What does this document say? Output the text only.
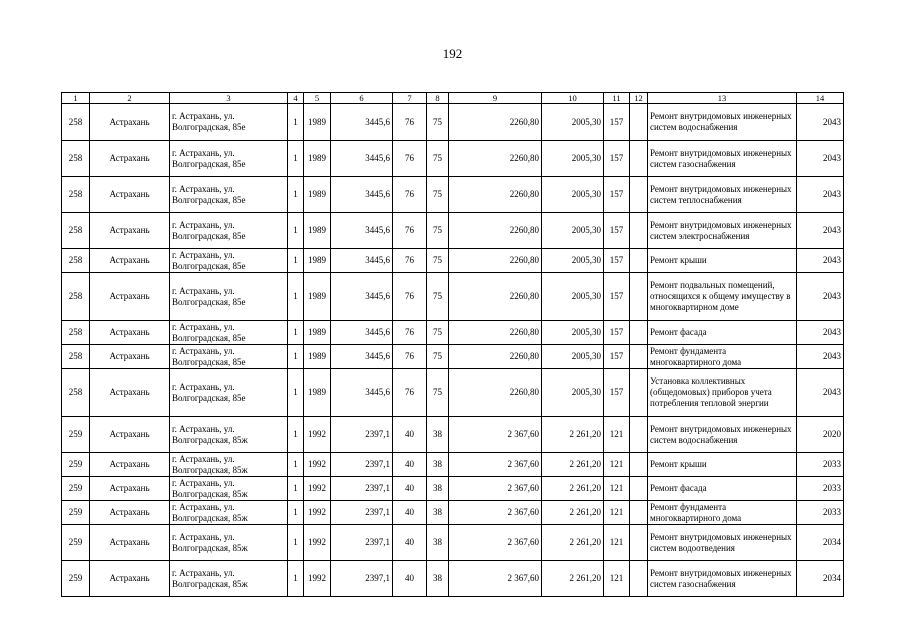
192
1	2	3	4	5	6	7	8	9	10	11	12	13	14
258	Астрахань	г. Астрахань, ул. Волгоградская, 85е	1	1989	3445,6	76	75	2260,80	2005,30	157		Ремонт внутридомовых инженерных систем водоснабжения	2043
258	Астрахань	г. Астрахань, ул. Волгоградская, 85е	1	1989	3445,6	76	75	2260,80	2005,30	157		Ремонт внутридомовых инженерных систем газоснабжения	2043
258	Астрахань	г. Астрахань, ул. Волгоградская, 85е	1	1989	3445,6	76	75	2260,80	2005,30	157		Ремонт внутридомовых инженерных систем теплоснабжения	2043
258	Астрахань	г. Астрахань, ул. Волгоградская, 85е	1	1989	3445,6	76	75	2260,80	2005,30	157		Ремонт внутридомовых инженерных систем электроснабжения	2043
258	Астрахань	г. Астрахань, ул. Волгоградская, 85е	1	1989	3445,6	76	75	2260,80	2005,30	157		Ремонт крыши	2043
258	Астрахань	г. Астрахань, ул. Волгоградская, 85е	1	1989	3445,6	76	75	2260,80	2005,30	157		Ремонт подвальных помещений, относящихся к общему имуществу в многоквартирном доме	2043
258	Астрахань	г. Астрахань, ул. Волгоградская, 85е	1	1989	3445,6	76	75	2260,80	2005,30	157		Ремонт фасада	2043
258	Астрахань	г. Астрахань, ул. Волгоградская, 85е	1	1989	3445,6	76	75	2260,80	2005,30	157		Ремонт фундамента многоквартирного дома	2043
258	Астрахань	г. Астрахань, ул. Волгоградская, 85е	1	1989	3445,6	76	75	2260,80	2005,30	157		Установка коллективных (общедомовых) приборов учета потребления тепловой энергии	2043
259	Астрахань	г. Астрахань, ул. Волгоградская, 85ж	1	1992	2397,1	40	38	2 367,60	2 261,20	121		Ремонт внутридомовых инженерных систем водоснабжения	2020
259	Астрахань	г. Астрахань, ул. Волгоградская, 85ж	1	1992	2397,1	40	38	2 367,60	2 261,20	121		Ремонт крыши	2033
259	Астрахань	г. Астрахань, ул. Волгоградская, 85ж	1	1992	2397,1	40	38	2 367,60	2 261,20	121		Ремонт фасада	2033
259	Астрахань	г. Астрахань, ул. Волгоградская, 85ж	1	1992	2397,1	40	38	2 367,60	2 261,20	121		Ремонт фундамента многоквартирного дома	2033
259	Астрахань	г. Астрахань, ул. Волгоградская, 85ж	1	1992	2397,1	40	38	2 367,60	2 261,20	121		Ремонт внутридомовых инженерных систем водоотведения	2034
259	Астрахань	г. Астрахань, ул. Волгоградская, 85ж	1	1992	2397,1	40	38	2 367,60	2 261,20	121		Ремонт внутридомовых инженерных систем газоснабжения	2034
